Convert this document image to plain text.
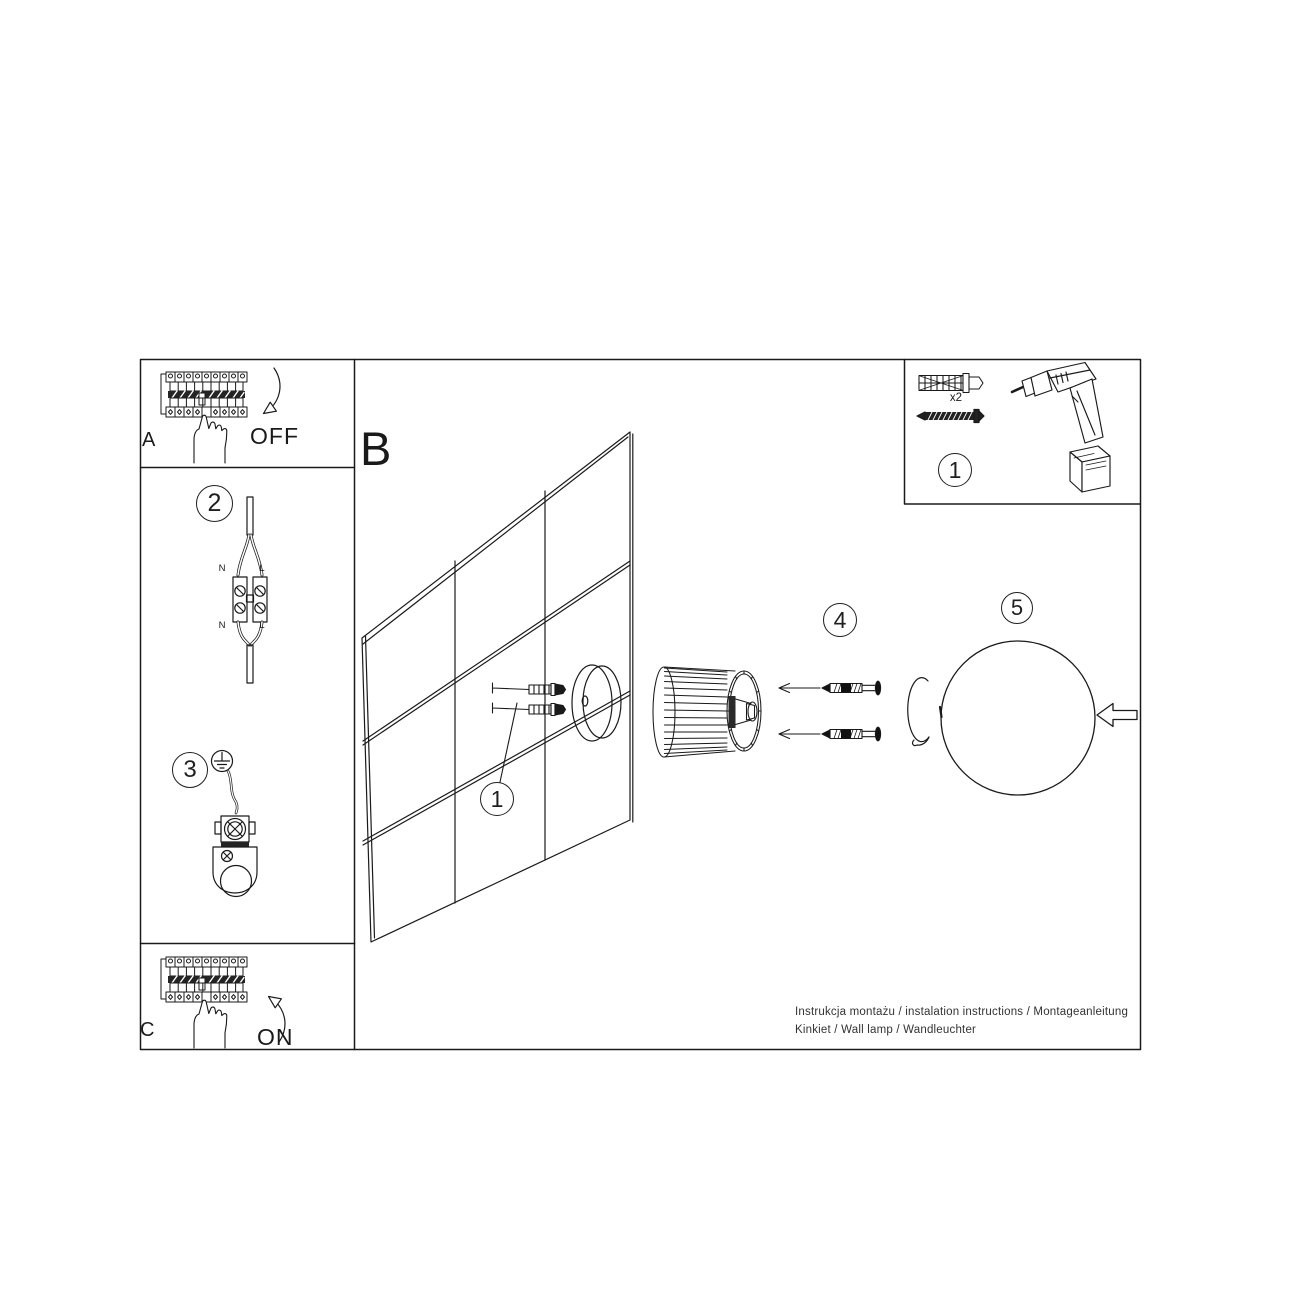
A	OFF B
C	ON
x2
N	L
N	L
2
3
1
4	5
1
Instrukcja montażu / instalation instructions / Montageanleitung
Kinkiet / Wall lamp / Wandleuchter
